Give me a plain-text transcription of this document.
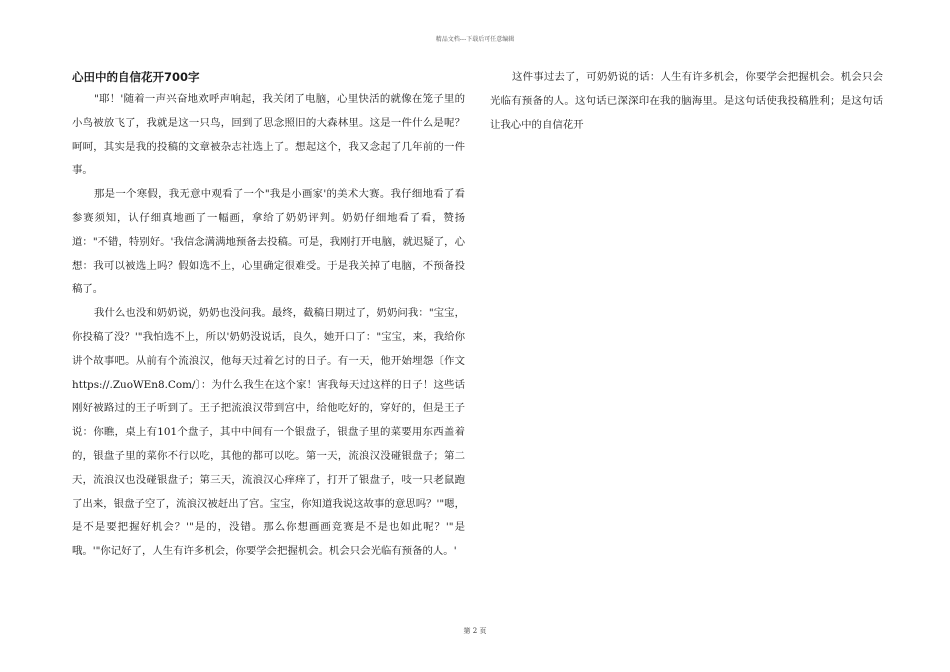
精品文档---下载后可任意编辑
心田中的自信花开700字

"耶！'随着一声兴奋地欢呼声响起，我关闭了电脑，心里快活的就像在笼子里的小鸟被放飞了，我就是这一只鸟，回到了思念照旧的大森林里。这是一件什么是呢？呵呵，其实是我的投稿的文章被杂志社选上了。想起这个，我又念起了几年前的一件事。

那是一个寒假，我无意中观看了一个"我是小画家'的美术大赛。我仔细地看了看参赛须知，认仔细真地画了一幅画，拿给了奶奶评判。奶奶仔细地看了看，赞扬道："不错，特别好。'我信念满满地预备去投稿。可是，我刚打开电脑，就迟疑了，心想：我可以被选上吗？假如选不上，心里确定很难受。于是我关掉了电脑，不预备投稿了。

我什么也没和奶奶说，奶奶也没问我。最终，截稿日期过了，奶奶问我："宝宝，你投稿了没？'"我怕选不上，所以'奶奶没说话，良久，她开口了："宝宝，来，我给你讲个故事吧。从前有个流浪汉，他每天过着乞讨的日子。有一天，他开始埋怨〔作文https://.ZuoWEn8.Com/〕：为什么我生在这个家！害我每天过这样的日子！这些话刚好被路过的王子听到了。王子把流浪汉带到宫中，给他吃好的，穿好的，但是王子说：你瞧，桌上有101个盘子，其中中间有一个银盘子，银盘子里的菜要用东西盖着的，银盘子里的菜你不行以吃，其他的都可以吃。第一天，流浪汉没碰银盘子；第二天，流浪汉也没碰银盘子；第三天，流浪汉心痒痒了，打开了银盘子，吱一只老鼠跑了出来，银盘子空了，流浪汉被赶出了宫。宝宝，你知道我说这故事的意思吗？'"嗯，是不是要把握好机会？'"是的，没错。那么你想画画竞赛是不是也如此呢？'"是哦。'"你记好了，人生有许多机会，你要学会把握机会。机会只会光临有预备的人。'

这件事过去了，可奶奶说的话：人生有许多机会，你要学会把握机会。机会只会光临有预备的人。这句话已深深印在我的脑海里。是这句话使我投稿胜利；是这句话让我心中的自信花开

第 2 页
